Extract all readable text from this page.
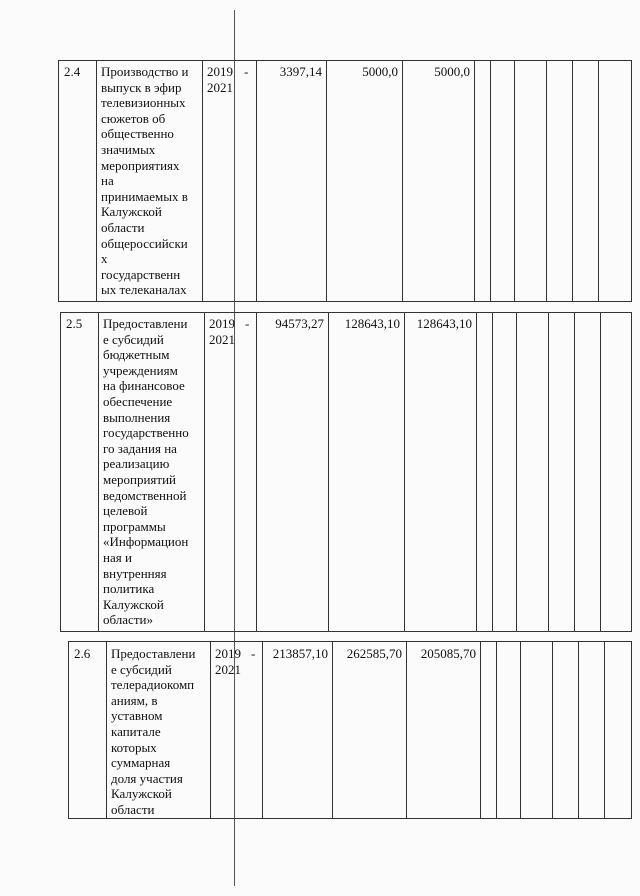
2.4 Производство и
выпуск в эфир
телевизионных
сюжетов об
общественно
значимых
мероприятиях
на
принимаемых в
Калужской
области
общероссийски
х
государственн
ых телеканалах
2019 -
2021
3397,14	5000,0	5000,0
2.5 Предоставлени
е субсидий
бюджетным
учреждениям
на финансовое
обеспечение
выполнения
государственно
го задания на
реализацию
мероприятий
ведомственной
целевой
программы
«Информацион
ная и
внутренняя
политика
Калужской
области»
2019 -
2021
94573,27	128643,10	128643,10
2.6 Предоставлени
е субсидий
телерадиокомп
аниям, в
уставном
капитале
которых
суммарная
доля участия
Калужской
области
2019 -
2021
213857,10	262585,70	205085,70
